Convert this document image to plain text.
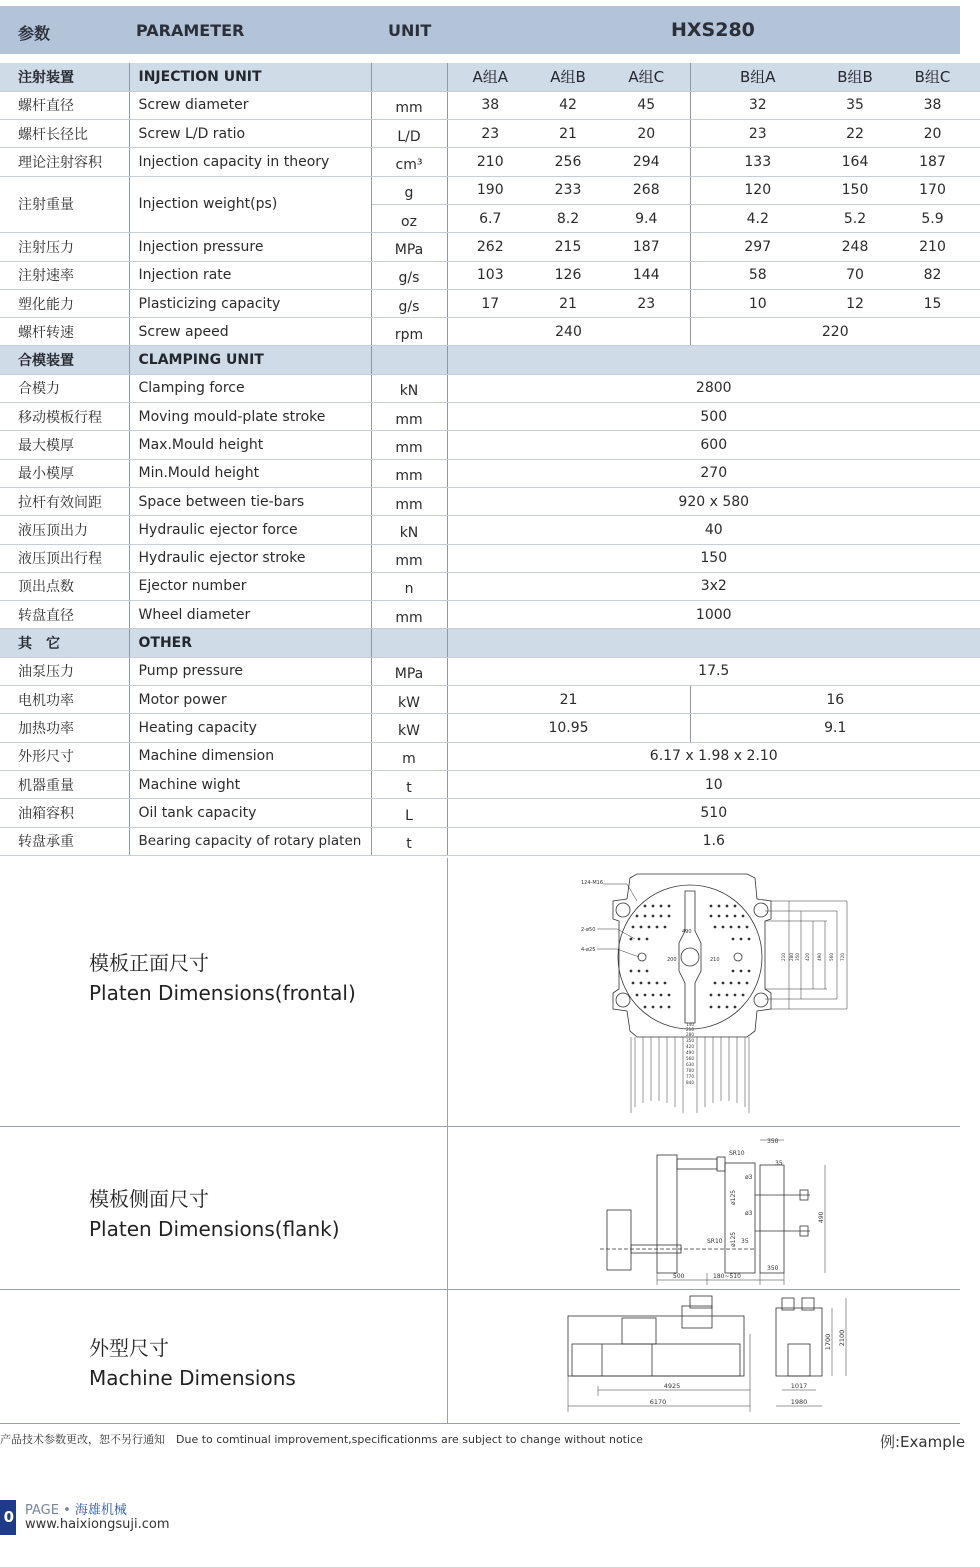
参数	PARAMETER	UNIT	HXS280
注射装置	INJECTION UNIT		A组A	A组B	A组C	B组A	B组B	B组C
螺杆直径	Screw diameter	mm	38	42	45	32	35	38
螺杆长径比	Screw L/D ratio	L/D	23	21	20	23	22	20
理论注射容积	Injection capacity in theory	cm³	210	256	294	133	164	187
注射重量	Injection weight(ps)	g	190	233	268	120	150	170
		oz	6.7	8.2	9.4	4.2	5.2	5.9
注射压力	Injection pressure	MPa	262	215	187	297	248	210
注射速率	Injection rate	g/s	103	126	144	58	70	82
塑化能力	Plasticizing capacity	g/s	17	21	23	10	12	15
螺杆转速	Screw apeed	rpm	240			220		
合模装置	CLAMPING UNIT							
合模力	Clamping force	kN	2800					
移动模板行程	Moving mould-plate stroke	mm	500					
最大模厚	Max.Mould height	mm	600					
最小模厚	Min.Mould height	mm	270					
拉杆有效间距	Space between tie-bars	mm	920 x 580					
液压顶出力	Hydraulic ejector force	kN	40					
液压顶出行程	Hydraulic ejector stroke	mm	150					
顶出点数	Ejector number	n	3x2					
转盘直径	Wheel diameter	mm	1000					
其　它	OTHER							
油泵压力	Pump pressure	MPa	17.5					
电机功率	Motor power	kW	21			16		
加热功率	Heating capacity	kW	10.95			9.1		
外形尺寸	Machine dimension	m	6.17 x 1.98 x 2.10					
机器重量	Machine wight	t	10					
油箱容积	Oil tank capacity	L	510					
转盘承重	Bearing capacity of rotary platen	t	1.6					
模板正面尺寸
Platen Dimensions(frontal)
124-M16
2-ø50
4-ø25
490
200	210
140
210
280
350
420
490
560
630
700
770
840
210 280 350 420 490 560 720
模板侧面尺寸
Platen Dimensions(flank)
350
SR10
35
ø125
ø3
ø3
ø125
SR10	35
490
500	180~510
350
外型尺寸
Machine Dimensions	4925
6170
1017
1980
1700 2100
产品技术参数更改，恕不另行通知　Due to comtinual improvement,specificationms are subject to change without notice	例:Example
0 PAGE • 海雄机械
www.haixiongsuji.com
